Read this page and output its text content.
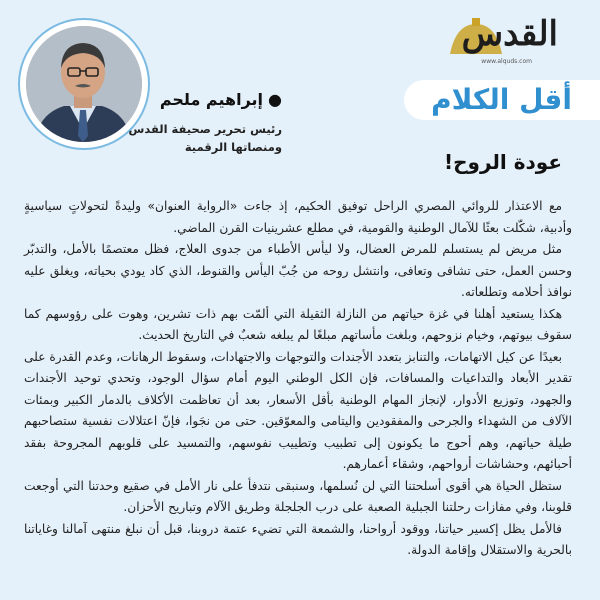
●إبراهيم ملحم
رئيس تحرير صحيفة القدس ومنصاتها الرقمية
القدس
www.alquds.com
أقل الكلام
عودة الروح!

مع الاعتذار للروائي المصري الراحل توفيق الحكيم، إذ جاءت «الرواية العنوان» وليدةً لتحولاتٍ سياسيةٍ وأدبية، شكّلت بعثًا للآمال الوطنية والقومية، في مطلع عشرينيات القرن الماضي.

مثل مريض لم يستسلم للمرض العضال، ولا ليأس الأطباء من جدوى العلاج، فظل معتصمًا بالأمل، والتدبّر وحسن العمل، حتى تشافى وتعافى، وانتشل روحه من جُبّ اليأس والقنوط، الذي كاد يودي بحياته، ويغلق عليه نوافذ أحلامه وتطلعاته.

هكذا يستعيد أهلنا في غزة حياتهم من النازلة الثقيلة التي ألمّت بهم ذات تشرين، وهوت على رؤوسهم كما سقوف بيوتهم، وخيام نزوحهم، وبلغت مأساتهم مبلغًا لم يبلغه شعبٌ في التاريخ الحديث.

بعيدًا عن كيل الاتهامات، والتنابز بتعدد الأجندات والتوجهات والاجتهادات، وسقوط الرهانات، وعدم القدرة على تقدير الأبعاد والتداعيات والمسافات، فإن الكل الوطني اليوم أمام سؤال الوجود، وتحدي توحيد الأجندات والجهود، وتوزيع الأدوار، لإنجاز المهام الوطنية بأقل الأسعار، بعد أن تعاظمت الأكلاف بالدمار الكبير وبمئات الآلاف من الشهداء والجرحى والمفقودين واليتامى والمعوّقين. حتى من نجَوا، فإنّ اعتلالات نفسية ستصاحبهم طيلة حياتهم، وهم أحوج ما يكونون إلى تطبيب وتطييب نفوسهم، والتمسيد على قلوبهم المجروحة بفقد أحبائهم، وحشاشات أرواحهم، وشقاء أعمارهم.

ستظل الحياة هي أقوى أسلحتنا التي لن نُسلمها، وسنبقى نتدفأ على نار الأمل في صقيع وحدتنا التي أوجعت قلوبنا، وفي مفازات رحلتنا الجبلية الصعبة على درب الجلجلة وطريق الآلام وتباريح الأحزان.

فالأمل يظل إكسير حياتنا، ووقود أرواحنا، والشمعة التي تضيء عتمة دروبنا، قبل أن نبلغ منتهى آمالنا وغاياتنا بالحرية والاستقلال وإقامة الدولة.
